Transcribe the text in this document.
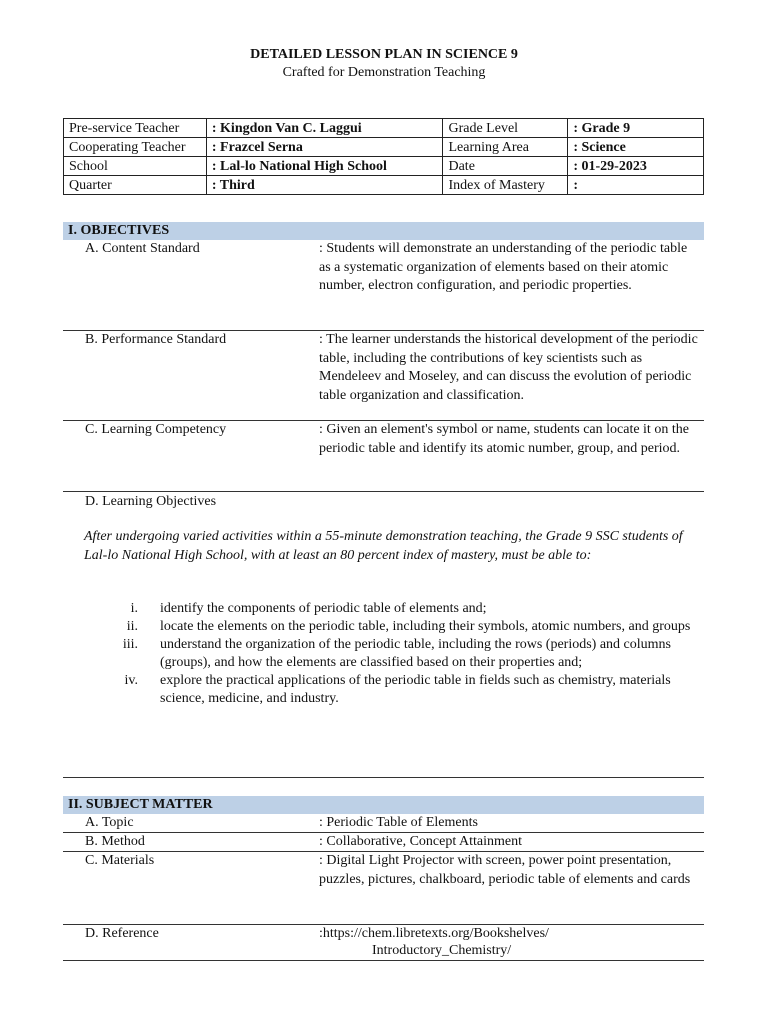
DETAILED LESSON PLAN IN SCIENCE 9
Crafted for Demonstration Teaching
Pre-service Teacher	: Kingdon Van C. Laggui	Grade Level	: Grade 9
Cooperating Teacher	: Frazcel Serna	Learning Area	: Science
School	: Lal-lo National High School	Date	: 01-29-2023
Quarter	: Third	Index of Mastery	:
I. OBJECTIVES
A. Content Standard	: Students will demonstrate an understanding of the periodic table as a systematic organization of elements based on their atomic number, electron configuration, and periodic properties.
B. Performance Standard	: The learner understands the historical development of the periodic table, including the contributions of key scientists such as Mendeleev and Moseley, and can discuss the evolution of periodic table organization and classification.
C. Learning Competency	: Given an element's symbol or name, students can locate it on the periodic table and identify its atomic number, group, and period.
D. Learning Objectives
After undergoing varied activities within a 55-minute demonstration teaching, the Grade 9 SSC students of Lal-lo National High School, with at least an 80 percent index of mastery, must be able to:
i. identify the components of periodic table of elements and;
ii. locate the elements on the periodic table, including their symbols, atomic numbers, and groups
iii. understand the organization of the periodic table, including the rows (periods) and columns (groups), and how the elements are classified based on their properties and;
iv. explore the practical applications of the periodic table in fields such as chemistry, materials science, medicine, and industry.
II. SUBJECT MATTER
A. Topic	: Periodic Table of Elements
B. Method	: Collaborative, Concept Attainment
C. Materials	: Digital Light Projector with screen, power point presentation, puzzles, pictures, chalkboard, periodic table of elements and cards
D. Reference	:https://chem.libretexts.org/Bookshelves/
Introductory_Chemistry/
